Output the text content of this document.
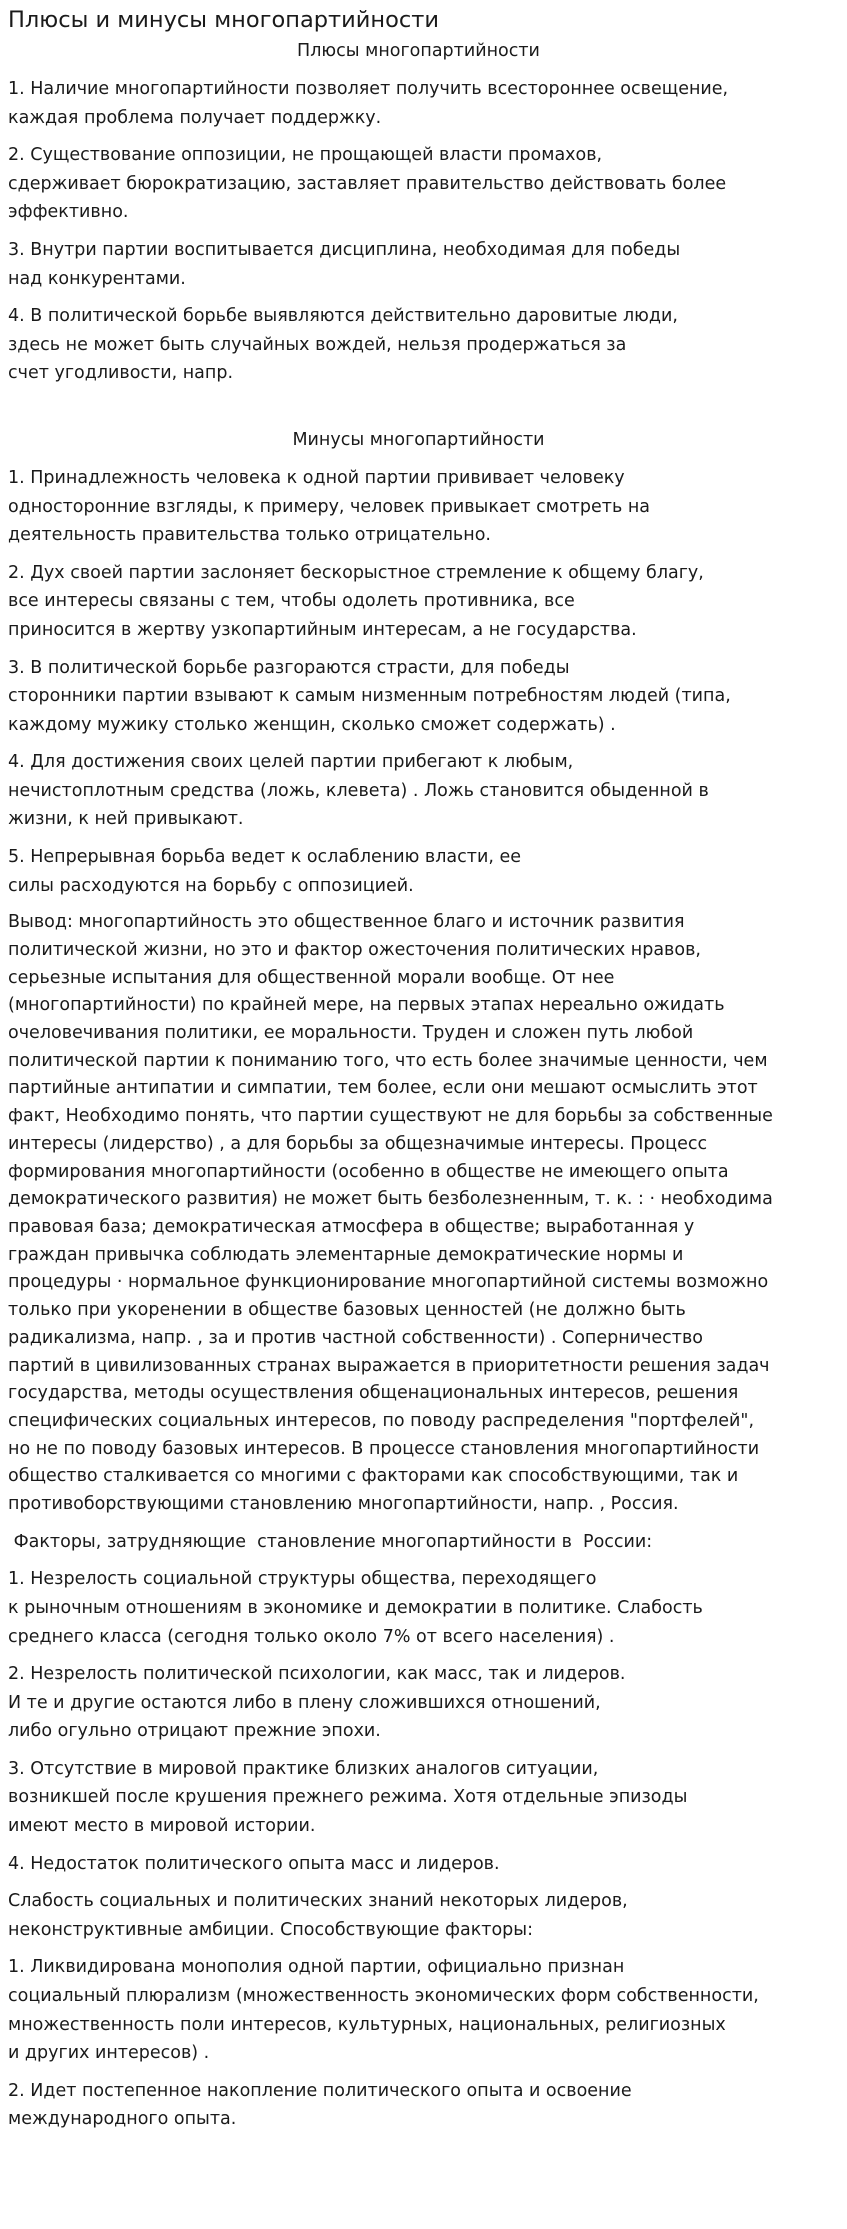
Плюсы и минусы многопартийности
Плюсы многопартийности

1. Наличие многопартийности позволяет получить всестороннее освещение,
каждая проблема получает поддержку.

2. Существование оппозиции, не прощающей власти промахов,
сдерживает бюрократизацию, заставляет правительство действовать более
эффективно.

3. Внутри партии воспитывается дисциплина, необходимая для победы
над конкурентами.

4. В политической борьбе выявляются действительно даровитые люди,
здесь не может быть случайных вождей, нельзя продержаться за
счет угодливости, напр.

Минусы многопартийности

1. Принадлежность человека к одной партии прививает человеку
односторонние взгляды, к примеру, человек привыкает смотреть на
деятельность правительства только отрицательно.

2. Дух своей партии заслоняет бескорыстное стремление к общему благу,
все интересы связаны с тем, чтобы одолеть противника, все
приносится в жертву узкопартийным интересам, а не государства.

3. В политической борьбе разгораются страсти, для победы
сторонники партии взывают к самым низменным потребностям людей (типа,
каждому мужику столько женщин, сколько сможет содержать) .

4. Для достижения своих целей партии прибегают к любым,
нечистоплотным средства (ложь, клевета) . Ложь становится обыденной в
жизни, к ней привыкают.

5. Непрерывная борьба ведет к ослаблению власти, ее
силы расходуются на борьбу с оппозицией.

Вывод: многопартийность это общественное благо и источник развития
политической жизни, но это и фактор ожесточения политических нравов,
серьезные испытания для общественной морали вообще. От нее
(многопартийности) по крайней мере, на первых этапах нереально ожидать
очеловечивания политики, ее моральности. Труден и сложен путь любой
политической партии к пониманию того, что есть более значимые ценности, чем
партийные антипатии и симпатии, тем более, если они мешают осмыслить этот
факт, Необходимо понять, что партии существуют не для борьбы за собственные
интересы (лидерство) , а для борьбы за общезначимые интересы. Процесс
формирования многопартийности (особенно в обществе не имеющего опыта
демократического развития) не может быть безболезненным, т. к. : · необходима
правовая база; демократическая атмосфера в обществе; выработанная у
граждан привычка соблюдать элементарные демократические нормы и
процедуры · нормальное функционирование многопартийной системы возможно
только при укоренении в обществе базовых ценностей (не должно быть
радикализма, напр. , за и против частной собственности) . Соперничество
партий в цивилизованных странах выражается в приоритетности решения задач
государства, методы осуществления общенациональных интересов, решения
специфических социальных интересов, по поводу распределения "портфелей",
но не по поводу базовых интересов. В процессе становления многопартийности
общество сталкивается со многими с факторами как способствующими, так и
противоборствующими становлению многопартийности, напр. , Россия.

Факторы, затрудняющие  становление многопартийности в  России:

1. Незрелость социальной структуры общества, переходящего
к рыночным отношениям в экономике и демократии в политике. Слабость
среднего класса (сегодня только около 7% от всего населения) .

2. Незрелость политической психологии, как масс, так и лидеров.
И те и другие остаются либо в плену сложившихся отношений,
либо огульно отрицают прежние эпохи.

3. Отсутствие в мировой практике близких аналогов ситуации,
возникшей после крушения прежнего режима. Хотя отдельные эпизоды
имеют место в мировой истории.

4. Недостаток политического опыта масс и лидеров.

Слабость социальных и политических знаний некоторых лидеров,
неконструктивные амбиции. Способствующие факторы:

1. Ликвидирована монополия одной партии, официально признан
социальный плюрализм (множественность экономических форм собственности,
множественность поли интересов, культурных, национальных, религиозных
и других интересов) .

2. Идет постепенное накопление политического опыта и освоение
международного опыта.
